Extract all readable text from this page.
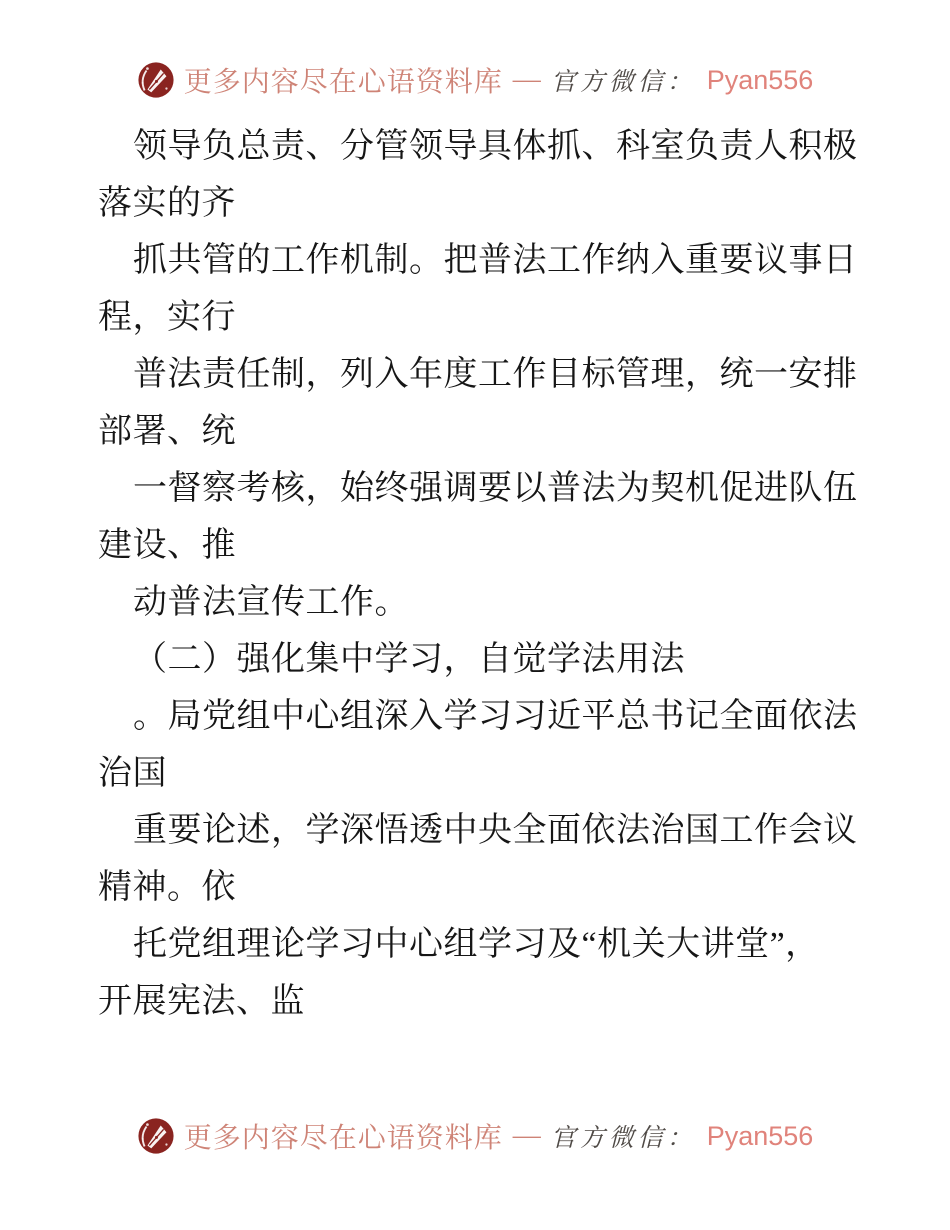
更多内容尽在心语资料库 — 官方微信： Pyan556
领导负总责、分管领导具体抓、科室负责人积极
落实的齐
抓共管的工作机制。把普法工作纳入重要议事日
程，实行
普法责任制，列入年度工作目标管理，统一安排
部署、统
一督察考核，始终强调要以普法为契机促进队伍
建设、推
动普法宣传工作。
（二）强化集中学习，自觉学法用法
。局党组中心组深入学习习近平总书记全面依法
治国
重要论述，学深悟透中央全面依法治国工作会议
精神。依
托党组理论学习中心组学习及“机关大讲堂”，
开展宪法、监
更多内容尽在心语资料库 — 官方微信： Pyan556
